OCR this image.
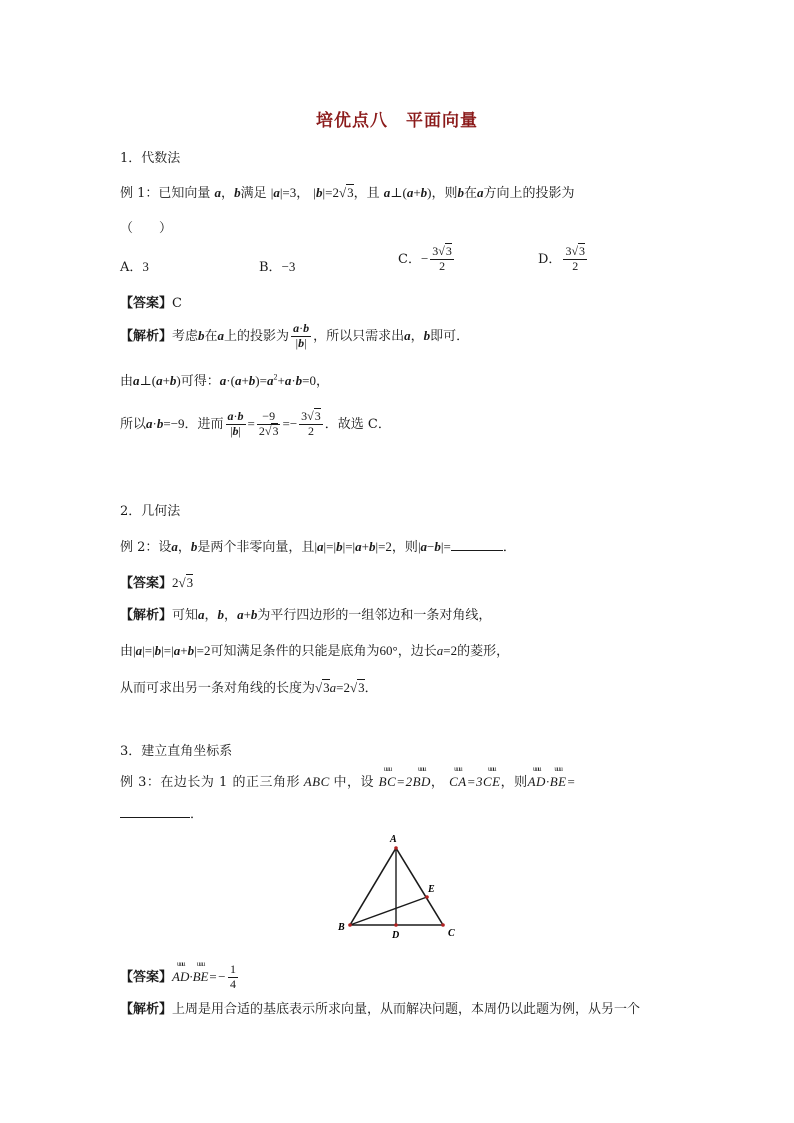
培优点八　平面向量
1．代数法
例 1：已知向量 a，b满足 |a|=3， |b|=2√3，且 a⊥(a+b)，则b在a方向上的投影为
（　　）
A．3	B．−3	C．− $\frac{3√3}{2}$	D． $\frac{3√3}{2}$
【答案】C
【解析】考虑b在a上的投影为 $\frac{a\cdot b}{|b|}$ ，所以只需求出a，b即可．
由a⊥(a+b)可得：$a\cdot(a+b)=a^2+a\cdot b=0$，
所以a·b=−9．进而 $\frac{a\cdot b}{|b|} = \frac{-9}{2√3} =- \frac{3√3}{2}$ ．故选 C．
2．几何法
例 2：设a，b是两个非零向量，且|a|=|b|=|a+b|=2，则|a−b|=	．
【答案】2√3
【解析】可知a，b，a+b为平行四边形的一组邻边和一条对角线，
由|a|=|b|=|a+b|=2可知满足条件的只能是底角为60°，边长a=2的菱形，
从而可求出另一条对角线的长度为√3a=2√3．
3．建立直角坐标系
例 3：在边长为 1 的正三角形 ABC 中，设 uuu BC=2uuu BD， uuu CA=3uuu CE，则uuu AD·uuu BE=
．
A
B
C
D
E
【答案】uuu AD·uuu $BE=- \frac{1}{4}$
【解析】上周是用合适的基底表示所求向量，从而解决问题，本周仍以此题为例，从另一个
